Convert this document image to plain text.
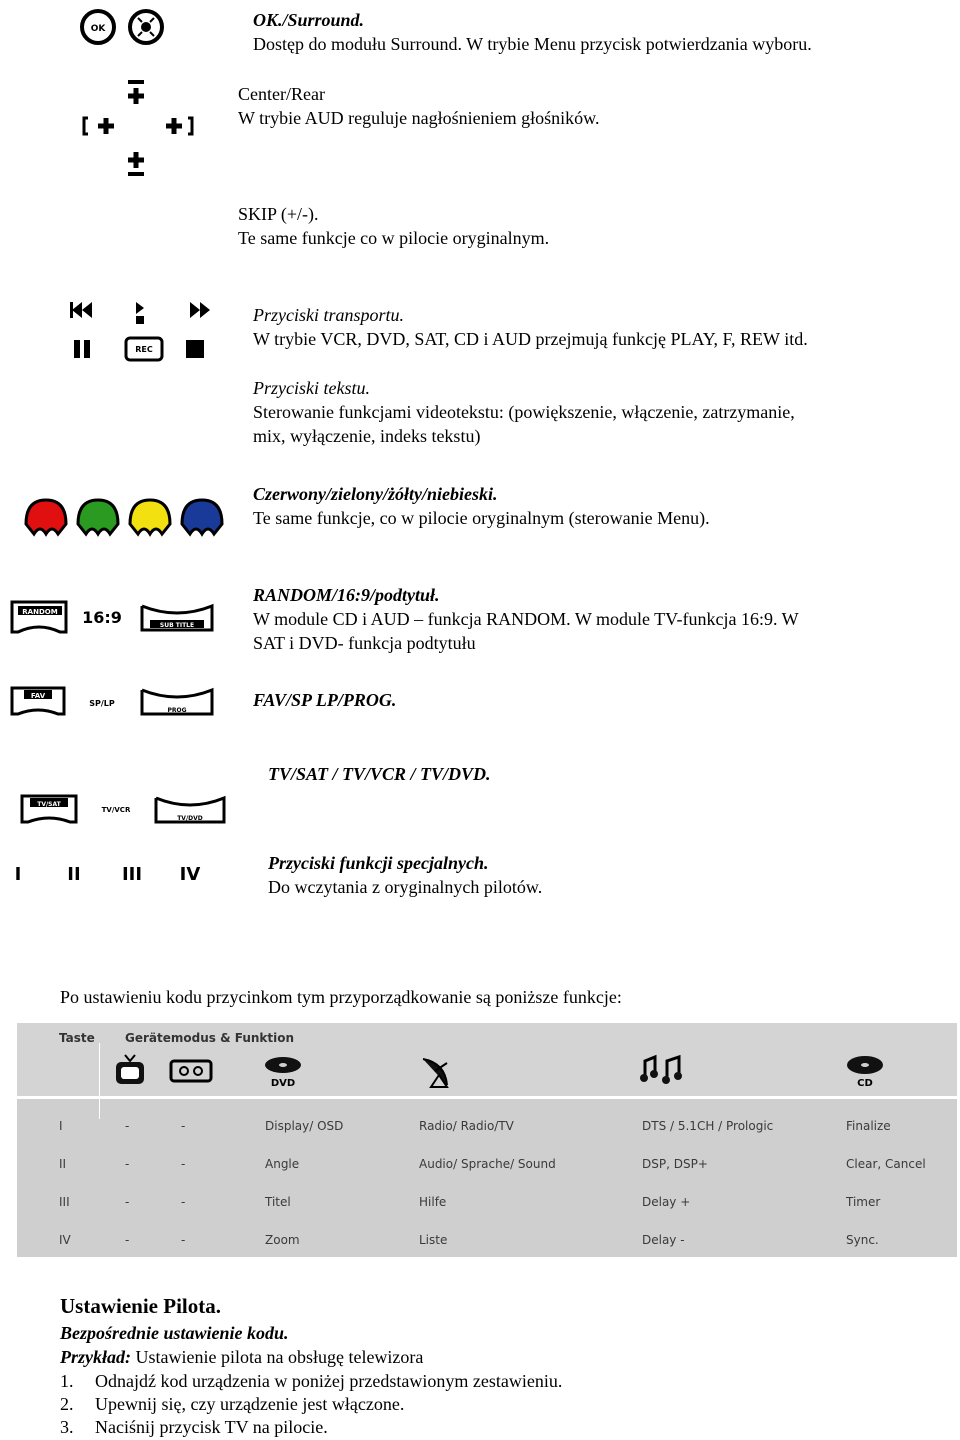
OK	OK./Surround.
Dostęp do modułu Surround. W trybie Menu przycisk potwierdzania wyboru.
Center/Rear
W trybie AUD reguluje nagłośnieniem głośników.
SKIP (+/-).
Te same funkcje co w pilocie oryginalnym.
REC
Przyciski transportu.
W trybie VCR, DVD, SAT, CD i AUD przejmują funkcję PLAY, F, REW itd.
Przyciski tekstu.
Sterowanie funkcjami videotekstu: (powiększenie, włączenie, zatrzymanie,
mix, wyłączenie, indeks tekstu)
Czerwony/zielony/żółty/niebieski.
Te same funkcje, co w pilocie oryginalnym (sterowanie Menu).
RANDOM 16:9	SUB TITLE
RANDOM/16:9/podtytuł.
W module CD i AUD – funkcja RANDOM. W module TV-funkcja 16:9. W
SAT i DVD- funkcja podtytułu
FAV
SP/LP
PROG
FAV/SP LP/PROG.
TV/SAT
TV/VCR
TV/DVD
TV/SAT / TV/VCR / TV/DVD.
I	II III IV
Przyciski funkcji specjalnych.
Do wczytania z oryginalnych pilotów.
Po ustawieniu kodu przycinkom tym przyporządkowanie są poniższe funkcje:
Taste	Gerätemodus & Funktion
DVD	CD
I	-	-	Display/ OSD	Radio/ Radio/TV	DTS / 5.1CH / Prologic	Finalize
II	-	-	Angle	Audio/ Sprache/ Sound	DSP, DSP+	Clear, Cancel
III	-	-	Titel	Hilfe	Delay +	Timer
IV	-	-	Zoom	Liste	Delay -	Sync.
Ustawienie Pilota.
Bezpośrednie ustawienie kodu.
Przykład: Ustawienie pilota na obsługę telewizora
1. Odnajdź kod urządzenia w poniżej przedstawionym zestawieniu.
2. Upewnij się, czy urządzenie jest włączone.
3. Naciśnij przycisk TV na pilocie.
